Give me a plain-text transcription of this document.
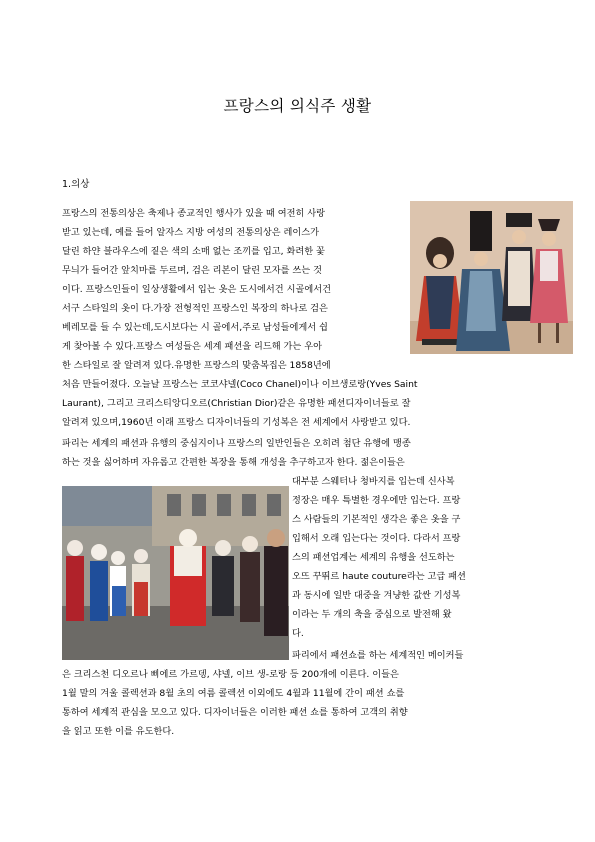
프랑스의 의식주 생활
1.의상
프랑스의 전통의상은 축제나 종교적인 행사가 있을 때 여전히 사랑
받고 있는데, 예를 들어 알자스 지방 여성의 전통의상은 레이스가
달린 하얀 블라우스에 짙은 색의 소매 없는 조끼를 입고, 화려한 꽃
무늬가 들어간 앞치마를 두르며, 검은 리본이 달린 모자를 쓰는 것
이다. 프랑스인들이 일상생활에서 입는 옷은 도시에서건 시골에서건
서구 스타일의 옷이 다.가장 전형적인 프랑스인 복장의 하나로 검은
베레모를 들 수 있는데,도시보다는 시 골에서,주로 남성들에게서 쉽
게 찾아볼 수 있다.프랑스 여성들은 세계 패션을 리드해 가는 우아
한 스타일로 잘 알려져 있다.유명한 프랑스의 맞춤복집은 1858년에
처음 만들어졌다. 오늘날 프랑스는 코코샤넬(Coco Chanel)이나 이브생로랑(Yves Saint
Laurant), 그리고 크리스티앙디오르(Christian Dior)같은 유명한 패션디자이너들로 잘
알려져 있으며,1960년 이래 프랑스 디자이너들의 기성복은 전 세계에서 사랑받고 있다.
파리는 세계의 패션과 유행의 중심지이나 프랑스의 일반인들은 오히려 첨단 유행에 맹종
하는 것을 싫어하며 자유롭고 간편한 복장을 통해 개성을 추구하고자 한다. 젊은이들은
대부분 스웨터나 청바지를 입는데 신사복
정장은 매우 특별한 경우에만 입는다. 프랑
스 사람들의 기본적인 생각은 좋은 옷을 구
입해서 오래 입는다는 것이다. 다라서 프랑
스의 패션업계는 세계의 유행을 선도하는
오뜨 꾸뛰르 haute couture라는 고급 패션
과 동시에 일반 대중을 겨냥한 값싼 기성복
이라는 두 개의 축을 중심으로 발전해 왔
다.
파리에서 패션쇼를 하는 세계적인 메이커들
은 크리스천 디오르나 삐에르 가르뎅, 샤넬, 이브 생-로랑 등 200개에 이른다. 이들은
1월 말의 겨울 콜렉션과 8월 초의 여름 콜렉션 이외에도 4월과 11월에 간이 패션 쇼를
통하여 세계적 관심을 모으고 있다. 디자이너들은 이러한 패션 쇼를 통하여 고객의 취향
을 읽고 또한 이를 유도한다.
